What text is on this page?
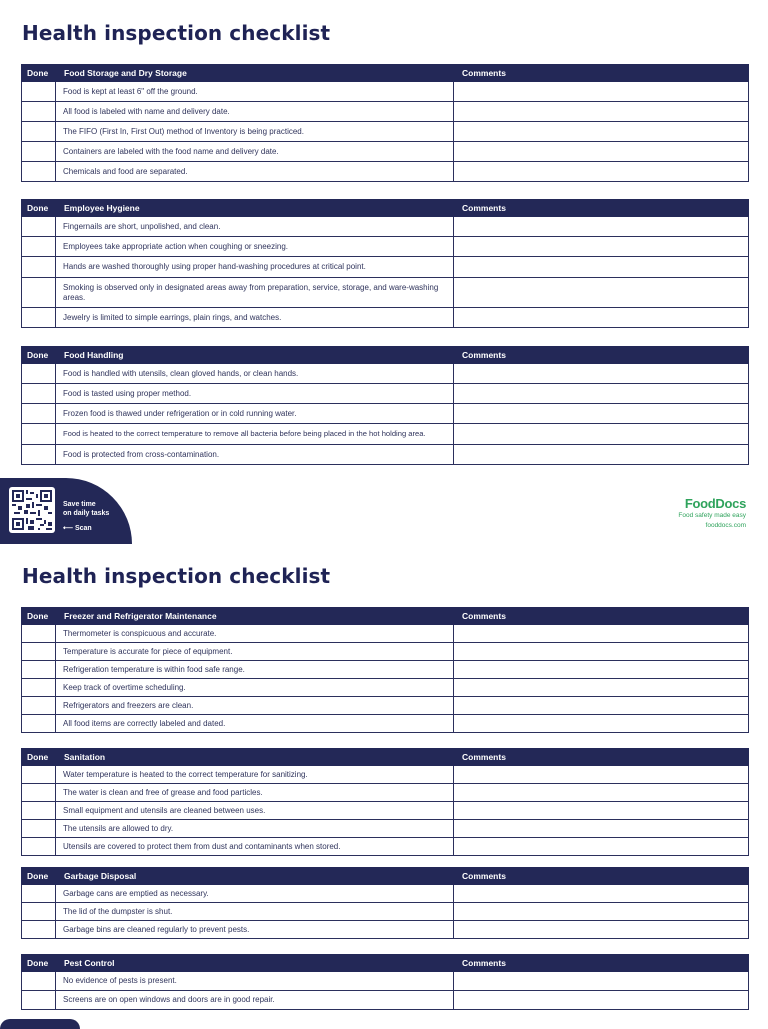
Health inspection checklist
Done	Food Storage and Dry Storage	Comments
	Food is kept at least 6" off the ground.	
	All food is labeled with name and delivery date.	
	The FIFO (First In, First Out) method of Inventory is being practiced.	
	Containers are labeled with the food name and delivery date.	
	Chemicals and food are separated.	
Done	Employee Hygiene	Comments
	Fingernails are short, unpolished, and clean.	
	Employees take appropriate action when coughing or sneezing.	
	Hands are washed thoroughly using proper hand-washing procedures at critical point.	
	Smoking is observed only in designated areas away from preparation, service, storage, and ware-washing areas.	
	Jewelry is limited to simple earrings, plain rings, and watches.	
Done	Food Handling	Comments
	Food is handled with utensils, clean gloved hands, or clean hands.	
	Food is tasted using proper method.	
	Frozen food is thawed under refrigeration or in cold running water.	
	Food is heated to the correct temperature to remove all bacteria before being placed in the hot holding area.	
	Food is protected from cross-contamination.	
Save time
on daily tasks
⟵ Scan
FoodDocs
Food safety made easy
fooddocs.com
Health inspection checklist
Done	Freezer and Refrigerator Maintenance	Comments
	Thermometer is conspicuous and accurate.	
	Temperature is accurate for piece of equipment.	
	Refrigeration temperature is within food safe range.	
	Keep track of overtime scheduling.	
	Refrigerators and freezers are clean.	
	All food items are correctly labeled and dated.	
Done	Sanitation	Comments
	Water temperature is heated to the correct temperature for sanitizing.	
	The water is clean and free of grease and food particles.	
	Small equipment and utensils are cleaned between uses.	
	The utensils are allowed to dry.	
	Utensils are covered to protect them from dust and contaminants when stored.	
Done	Garbage Disposal	Comments
	Garbage cans are emptied as necessary.	
	The lid of the dumpster is shut.	
	Garbage bins are cleaned regularly to prevent pests.	
Done	Pest Control	Comments
	No evidence of pests is present.	
	Screens are on open windows and doors are in good repair.	
